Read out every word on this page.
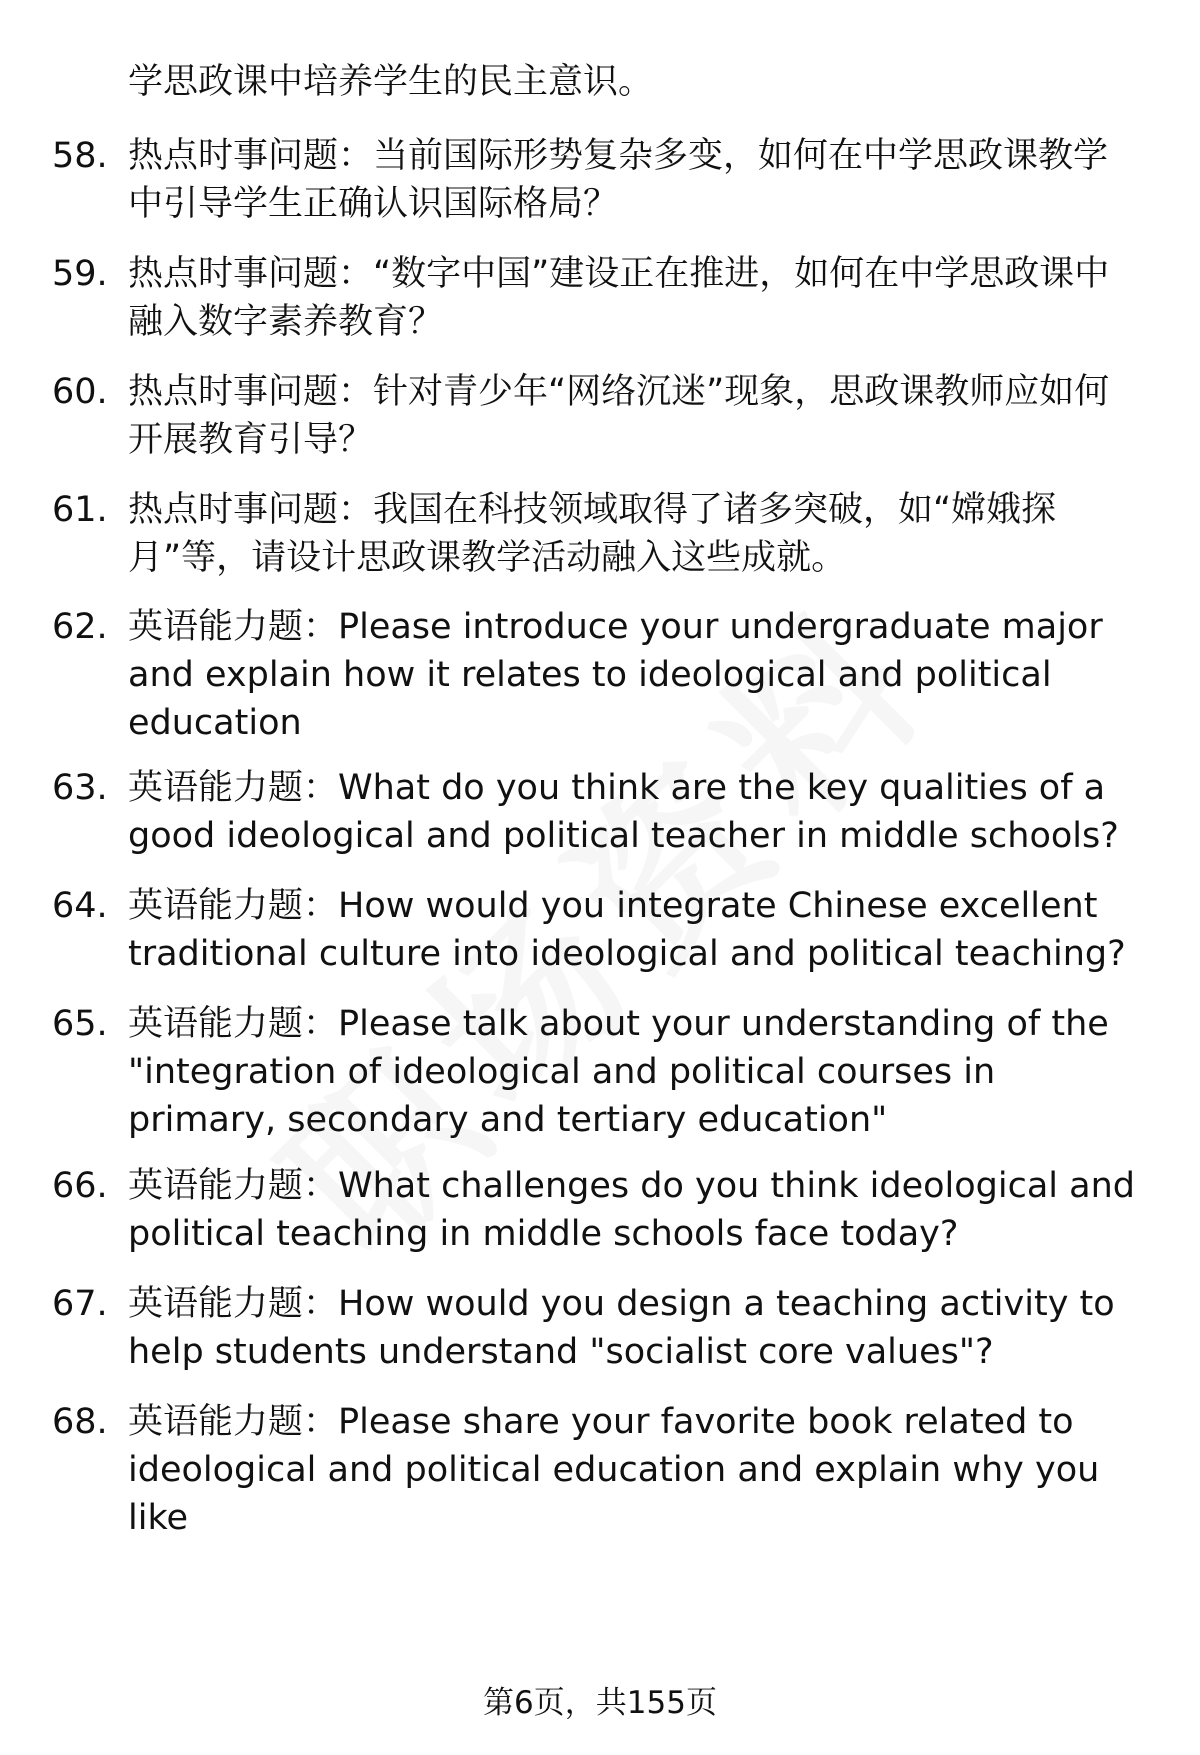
学思政课中培养学生的民主意识。
58. 热点时事问题：当前国际形势复杂多变，如何在中学思政课教学中引导学生正确认识国际格局？
59. 热点时事问题：“数字中国”建设正在推进，如何在中学思政课中融入数字素养教育？
60. 热点时事问题：针对青少年“网络沉迷”现象，思政课教师应如何开展教育引导？
61. 热点时事问题：我国在科技领域取得了诸多突破，如“嫦娥探月”等，请设计思政课教学活动融入这些成就。
62. 英语能力题：Please introduce your undergraduate major and explain how it relates to ideological and political education
63. 英语能力题：What do you think are the key qualities of a good ideological and political teacher in middle schools?
64. 英语能力题：How would you integrate Chinese excellent traditional culture into ideological and political teaching?
65. 英语能力题：Please talk about your understanding of the "integration of ideological and political courses in primary, secondary and tertiary education"
66. 英语能力题：What challenges do you think ideological and political teaching in middle schools face today?
67. 英语能力题：How would you design a teaching activity to help students understand "socialist core values"?
68. 英语能力题：Please share your favorite book related to ideological and political education and explain why you like
第6页，共155页
